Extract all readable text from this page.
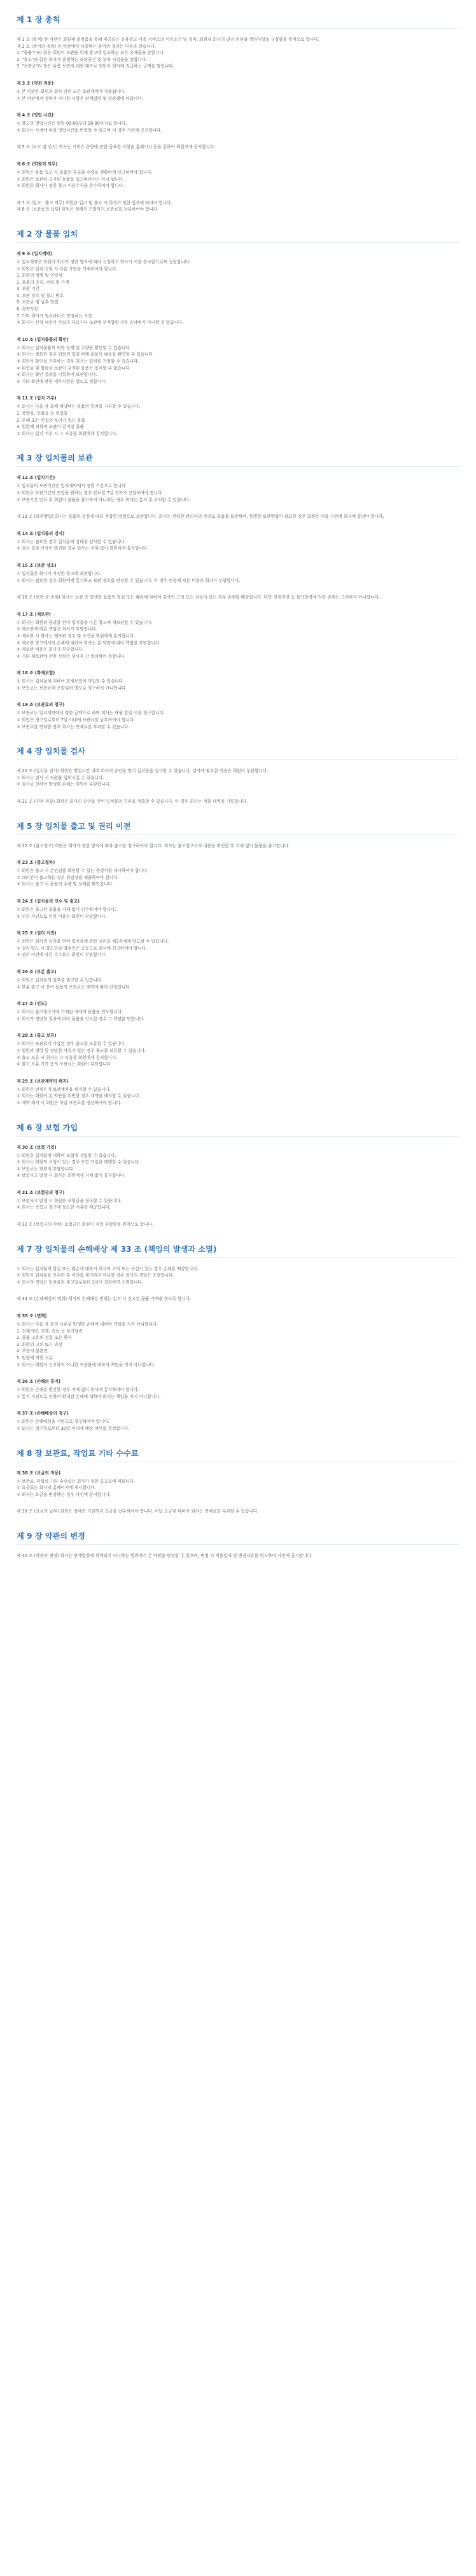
제 1 장 총칙

제 1 조 (목적) 본 약관은 회원제 플랫폼을 통해 제공되는 공유창고 이용 서비스의 이용조건 및 절차, 회원과 회사의 권리·의무와 책임사항을 규정함을 목적으로 합니다.

제 2 조 (용어의 정의) 본 약관에서 사용하는 용어의 정의는 다음과 같습니다.

1. "물품"이라 함은 회원이 보관을 위해 창고에 입고하는 모든 유체물을 말합니다.

2. "창고"라 함은 회사가 운영하는 보관공간 및 부속 시설물을 말합니다.

3. "보관료"라 함은 물품 보관에 대한 대가로 회원이 회사에 지급하는 금액을 말합니다.

제 3 조 (약관 적용)

① 본 약관은 회원과 회사 간의 모든 보관계약에 적용됩니다.

② 본 약관에서 정하지 아니한 사항은 관계법령 및 상관례에 따릅니다.

제 4 조 (영업 시간)

① 창고의 영업시간은 평일 09:00부터 18:00까지로 합니다.

② 회사는 사정에 따라 영업시간을 변경할 수 있으며 이 경우 사전에 공지합니다.

제 5 조 (보고 및 공지) 회사는 서비스 운영에 관한 중요한 사항을 홈페이지 등을 통하여 회원에게 공지합니다.

제 6 조 (회원의 의무)

① 회원은 물품 입고 시 물품의 종류와 수량을 정확하게 신고하여야 합니다.

② 회원은 보관이 금지된 물품을 입고하여서는 아니 됩니다.

③ 회원은 회사가 정한 창고 이용수칙을 준수하여야 합니다.

제 7 조 (입고 · 출고 의무) 회원은 입고 및 출고 시 회사가 정한 절차에 따라야 합니다.

제 8 조 (보관료의 납부) 회원은 정해진 기일까지 보관료를 납부하여야 합니다.

제 2 장 물품 입치
제 9 조 (입치계약)

① 입치계약은 회원이 회사가 정한 양식에 따라 신청하고 회사가 이를 승낙함으로써 성립합니다.

② 회원은 입치 신청 시 다음 사항을 기재하여야 합니다.

1. 회원의 성명 및 연락처

2. 물품의 종류, 수량 및 가액

3. 보관 기간

4. 보관 장소 및 창고 번호

5. 보관료 및 납부 방법

6. 특약사항

7. 기타 회사가 필요하다고 인정하는 사항

③ 회사는 신청 내용이 사실과 다르거나 보관에 부적합한 경우 승낙하지 아니할 수 있습니다.

제 10 조 (입치물품의 확인)

① 회사는 입치물품의 외관 상태 및 수량을 확인할 수 있습니다.

② 회사는 필요한 경우 회원의 입회 하에 물품의 내용을 확인할 수 있습니다.

③ 회원이 확인을 거부하는 경우 회사는 입치를 거절할 수 있습니다.

④ 위험물 및 법령상 보관이 금지된 물품은 입치할 수 없습니다.

⑤ 회사는 확인 결과를 기록하여 보관합니다.

⑥ 기타 확인에 관한 세부사항은 별도로 정합니다.

제 11 조 (입치 거부)

① 회사는 다음 각 호에 해당하는 물품의 입치를 거부할 수 있습니다.

1. 폭발물, 인화물 등 위험물

2. 부패 또는 변질의 우려가 있는 물품

3. 법령에 의하여 보관이 금지된 물품

② 회사는 입치 거부 시 그 사유를 회원에게 통지합니다.

제 3 장 입치물의 보관
제 12 조 (입치기간)

① 입치물의 보관기간은 입치계약에서 정한 기간으로 합니다.

② 회원은 보관기간의 연장을 원하는 경우 만료일 7일 전까지 신청하여야 합니다.

③ 보관기간 만료 후 회원이 물품을 출고하지 아니하는 경우 회사는 통지 후 조치할 수 있습니다.

제 13 조 (보관방법) 회사는 물품의 성질에 따라 적합한 방법으로 보관합니다. 회사는 선량한 관리자의 주의로 물품을 보관하며, 특별한 보관방법이 필요한 경우 회원은 이를 사전에 회사에 알려야 합니다.

제 14 조 (입치물의 검사)

① 회사는 필요한 경우 입치물의 상태를 검사할 수 있습니다.

② 검사 결과 이상이 발견된 경우 회사는 지체 없이 회원에게 통지합니다.

제 15 조 (보관 장소)

① 입치물은 회사가 지정한 창고에 보관합니다.

② 회사는 필요한 경우 회원에게 통지하고 보관 장소를 변경할 수 있습니다. 이 경우 변경에 따른 비용은 회사가 부담합니다.

제 16 조 (보관 중 손해) 회사는 보관 중 발생한 물품의 멸실 또는 훼손에 대하여 회사의 고의 또는 과실이 있는 경우 손해를 배상합니다. 다만 천재지변 등 불가항력에 의한 손해는 그러하지 아니합니다.

제 17 조 (재보관)

① 회사는 회원의 동의를 얻어 입치물을 다른 창고에 재보관할 수 있습니다.

② 재보관에 따른 책임은 회사가 부담합니다.

③ 재보관 시 회사는 재보관 장소 및 조건을 회원에게 통지합니다.

④ 재보관 창고에서의 손해에 대하여 회사는 본 약관에 따라 책임을 부담합니다.

⑤ 재보관 비용은 회사가 부담합니다.

⑥ 기타 재보관에 관한 사항은 당사자 간 협의하여 정합니다.

제 18 조 (화재보험)

① 회사는 입치물에 대하여 화재보험에 가입할 수 있습니다.

② 보험료는 보관료에 포함되며 별도로 청구하지 아니합니다.

제 19 조 (보관료의 청구)

① 보관료는 입치계약에서 정한 금액으로 하며 회사는 매월 말일 이를 청구합니다.

② 회원은 청구일로부터 7일 이내에 보관료를 납부하여야 합니다.

③ 보관료를 연체한 경우 회사는 연체료를 부과할 수 있습니다.

제 4 장 입치물 검사

제 20 조 (입치물 검사) 회원은 영업시간 내에 회사의 승인을 얻어 입치물을 검사할 수 있습니다. 검사에 필요한 비용은 회원이 부담합니다.

① 회사는 검사 시 직원을 입회시킬 수 있습니다.

② 검사로 인하여 발생한 손해는 회원이 부담합니다.

제 21 조 (견본 적출) 회원은 회사의 승인을 얻어 입치물의 견본을 적출할 수 있습니다. 이 경우 회사는 적출 내역을 기록합니다.

제 5 장 입치물 출고 및 권리 이전

제 22 조 (출고청구) 회원은 회사가 정한 양식에 따라 출고를 청구하여야 합니다. 회사는 출고청구서의 내용을 확인한 후 지체 없이 물품을 출고합니다.

제 23 조 (출고절차)

① 회원은 출고 시 본인임을 확인할 수 있는 증명서를 제시하여야 합니다.

② 대리인이 출고하는 경우 위임장을 제출하여야 합니다.

③ 회사는 출고 시 물품의 수량 및 상태를 확인합니다.

제 24 조 (입치물의 인수 및 출고)

① 회원은 출고된 물품을 지체 없이 인수하여야 합니다.

② 인수 지연으로 인한 비용은 회원이 부담합니다.

제 25 조 (권리 이전)

① 회원은 회사의 동의를 얻어 입치물에 관한 권리를 제3자에게 양도할 수 있습니다.

② 권리 양도 시 양도인과 양수인은 공동으로 회사에 신고하여야 합니다.

③ 권리 이전에 따른 수수료는 회원이 부담합니다.

제 26 조 (부분 출고)

① 회원은 입치물의 일부를 출고할 수 있습니다.

② 부분 출고 시 잔여 물품의 보관료는 계약에 따라 산정합니다.

제 27 조 (인도)

① 회사는 출고청구서에 기재된 자에게 물품을 인도합니다.

② 회사가 정당한 절차에 따라 물품을 인도한 경우 그 책임을 면합니다.

제 28 조 (출고 보류)

① 회사는 보관료가 미납된 경우 출고를 보류할 수 있습니다.

② 법원의 명령 등 정당한 사유가 있는 경우 출고를 보류할 수 있습니다.

③ 출고 보류 시 회사는 그 사유를 회원에게 통지합니다.

④ 출고 보류 기간 중의 보관료는 회원이 부담합니다.

제 29 조 (보관계약의 해지)

① 회원은 언제든지 보관계약을 해지할 수 있습니다.

② 회사는 회원이 본 약관을 위반한 경우 계약을 해지할 수 있습니다.

③ 계약 해지 시 회원은 미납 보관료를 정산하여야 합니다.

제 6 장 보험 가입
제 30 조 (보험 가입)

① 회원은 입치물에 대하여 보험에 가입할 수 있습니다.

② 회사는 회원의 요청이 있는 경우 보험 가입을 대행할 수 있습니다.

③ 보험료는 회원이 부담합니다.

④ 보험사고 발생 시 회사는 회원에게 지체 없이 통지합니다.

제 31 조 (보험금의 청구)

① 보험사고 발생 시 회원은 보험금을 청구할 수 있습니다.

② 회사는 보험금 청구에 필요한 서류를 제공합니다.

제 32 조 (보험금의 수령) 보험금은 회원이 직접 수령함을 원칙으로 합니다.

제 7 장 입치물의 손해배상 제 33 조 (책임의 발생과 소멸)

① 회사는 입치물의 멸실 또는 훼손에 대하여 회사의 고의 또는 과실이 있는 경우 손해를 배상합니다.

② 회원이 입치물을 인수한 후 이의를 제기하지 아니한 경우 회사의 책임은 소멸합니다.

③ 회사의 책임은 입치물의 출고일로부터 1년이 경과하면 소멸합니다.

제 34 조 (손해배상의 범위) 회사의 손해배상 범위는 입치 시 신고된 물품 가액을 한도로 합니다.

제 35 조 (면책)

① 회사는 다음 각 호의 사유로 발생한 손해에 대하여 책임을 지지 아니합니다.

1. 천재지변, 전쟁, 폭동 등 불가항력

2. 물품 고유의 성질 또는 하자

3. 회원의 고의 또는 과실

4. 포장의 불완전

5. 법령에 의한 처분

② 회사는 회원이 신고하지 아니한 귀중품에 대하여 책임을 지지 아니합니다.

제 36 조 (손해의 통지)

① 회원은 손해를 발견한 경우 지체 없이 회사에 통지하여야 합니다.

② 통지 지연으로 인하여 확대된 손해에 대하여 회사는 책임을 지지 아니합니다.

제 37 조 (손해배상의 청구)

① 회원은 손해배상을 서면으로 청구하여야 합니다.

② 회사는 청구일로부터 30일 이내에 배상 여부를 결정합니다.

제 8 장 보관료, 작업료 기타 수수료
제 38 조 (요금의 적용)

① 보관료, 작업료 기타 수수료는 회사가 정한 요금표에 따릅니다.

② 요금표는 회사의 홈페이지에 게시합니다.

③ 회사는 요금을 변경하는 경우 사전에 공지합니다.

제 39 조 (요금의 납부) 회원은 정해진 기일까지 요금을 납부하여야 합니다. 미납 요금에 대하여 회사는 연체료를 부과할 수 있습니다.

제 9 장 약관의 변경

제 40 조 (약관의 변경) 회사는 관계법령에 위배되지 아니하는 범위에서 본 약관을 변경할 수 있으며, 변경 시 적용일자 및 변경사유를 명시하여 사전에 공지합니다.
